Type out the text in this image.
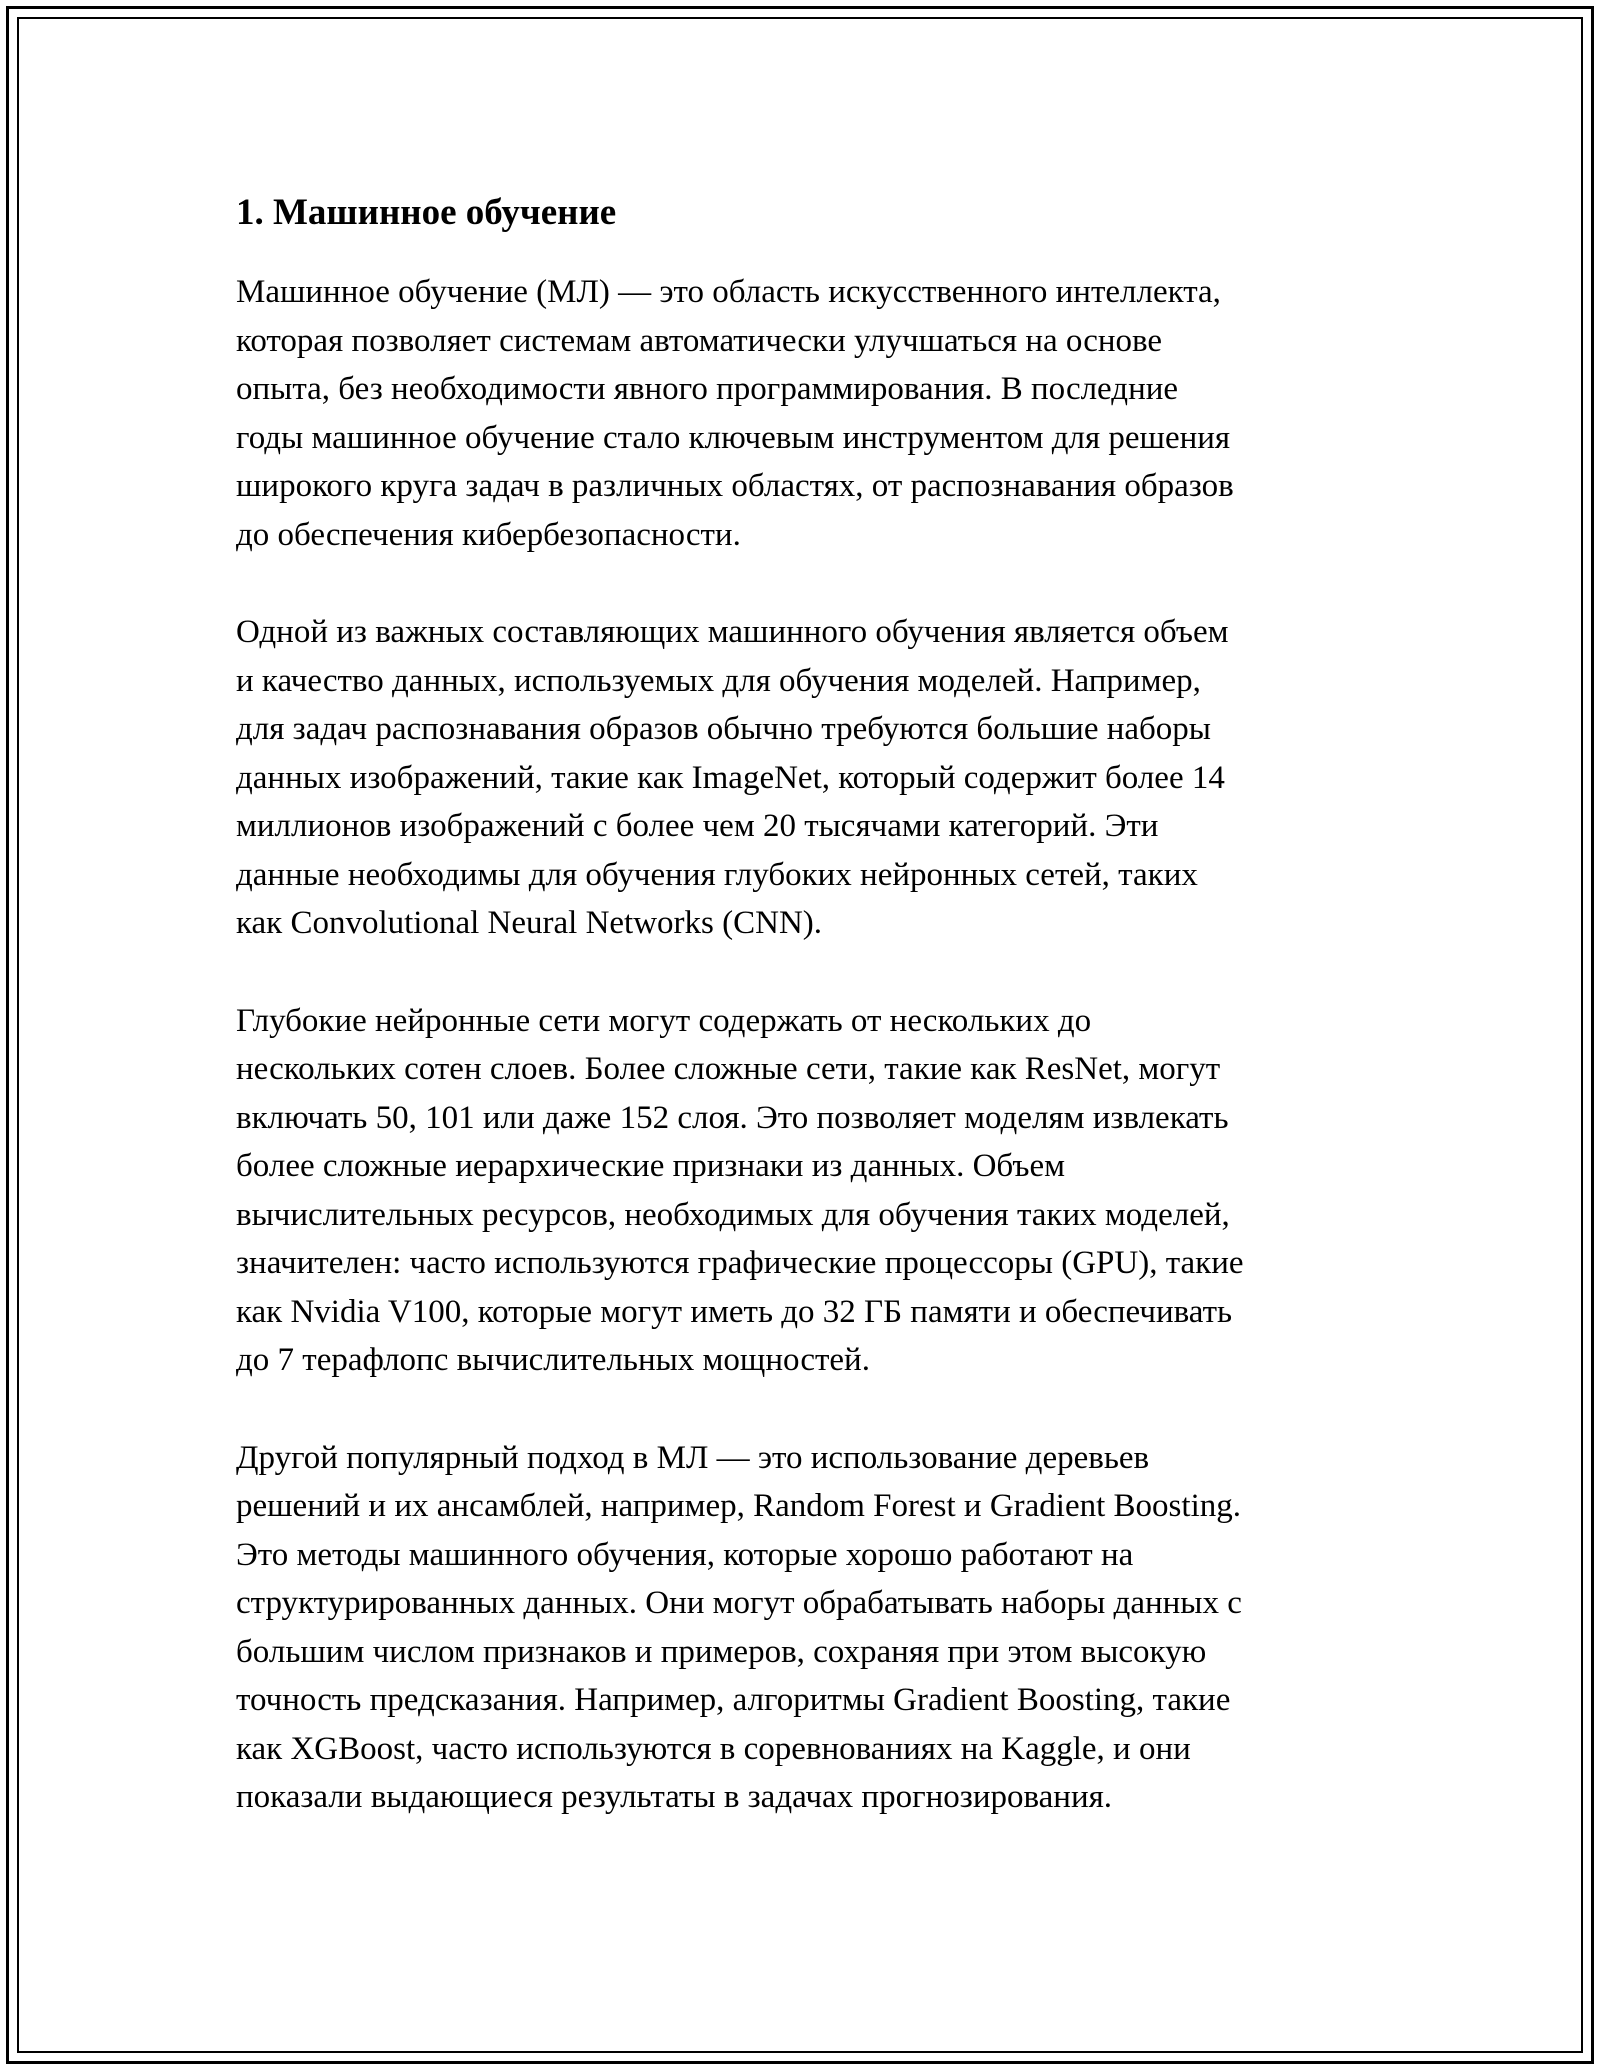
1. Машинное обучение

Машинное обучение (МЛ) — это область искусственного интеллекта,
которая позволяет системам автоматически улучшаться на основе
опыта, без необходимости явного программирования. В последние
годы машинное обучение стало ключевым инструментом для решения
широкого круга задач в различных областях, от распознавания образов
до обеспечения кибербезопасности.

Одной из важных составляющих машинного обучения является объем
и качество данных, используемых для обучения моделей. Например,
для задач распознавания образов обычно требуются большие наборы
данных изображений, такие как ImageNet, который содержит более 14
миллионов изображений с более чем 20 тысячами категорий. Эти
данные необходимы для обучения глубоких нейронных сетей, таких
как Convolutional Neural Networks (CNN).

Глубокие нейронные сети могут содержать от нескольких до
нескольких сотен слоев. Более сложные сети, такие как ResNet, могут
включать 50, 101 или даже 152 слоя. Это позволяет моделям извлекать
более сложные иерархические признаки из данных. Объем
вычислительных ресурсов, необходимых для обучения таких моделей,
значителен: часто используются графические процессоры (GPU), такие
как Nvidia V100, которые могут иметь до 32 ГБ памяти и обеспечивать
до 7 терафлопс вычислительных мощностей.

Другой популярный подход в МЛ — это использование деревьев
решений и их ансамблей, например, Random Forest и Gradient Boosting.
Это методы машинного обучения, которые хорошо работают на
структурированных данных. Они могут обрабатывать наборы данных с
большим числом признаков и примеров, сохраняя при этом высокую
точность предсказания. Например, алгоритмы Gradient Boosting, такие
как XGBoost, часто используются в соревнованиях на Kaggle, и они
показали выдающиеся результаты в задачах прогнозирования.
